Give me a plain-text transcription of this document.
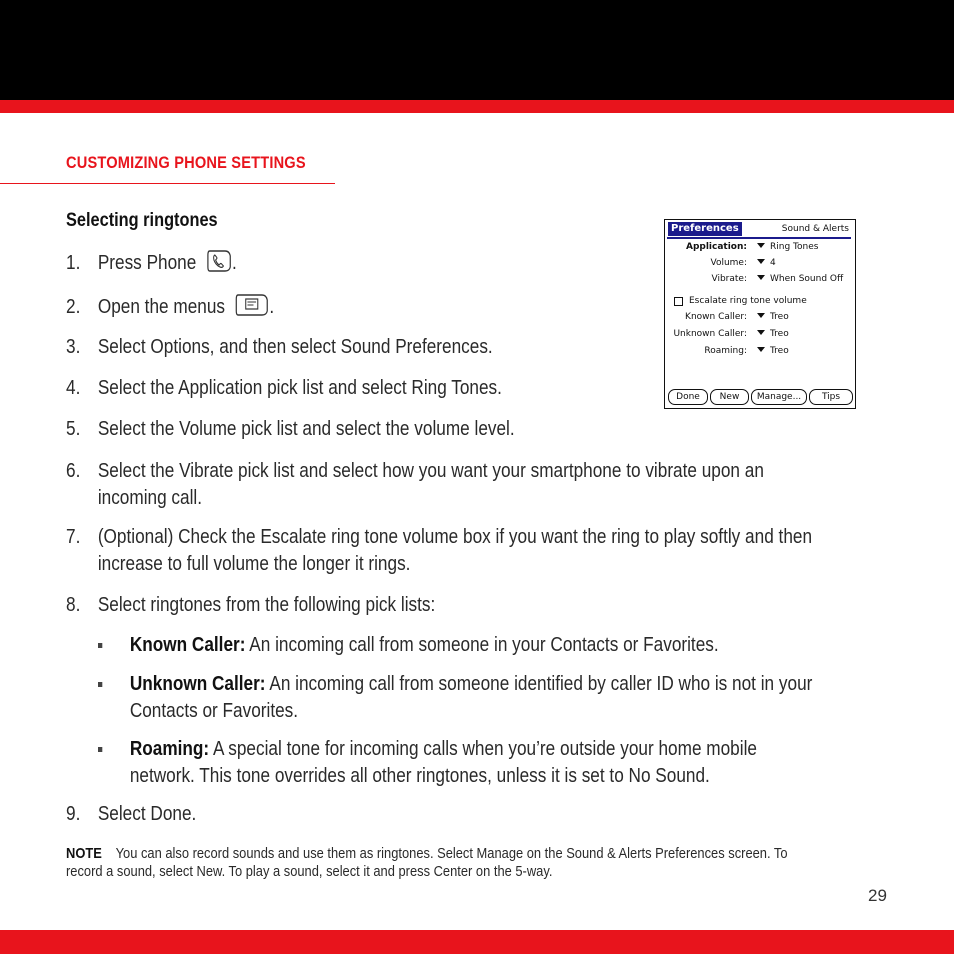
CUSTOMIZING PHONE SETTINGS
Selecting ringtones
1. Press Phone .
2. Open the menus .
3. Select Options, and then select Sound Preferences.
4. Select the Application pick list and select Ring Tones.
5. Select the Volume pick list and select the volume level.
6. Select the Vibrate pick list and select how you want your smartphone to vibrate upon an
incoming call.
7. (Optional) Check the Escalate ring tone volume box if you want the ring to play softly and then
increase to full volume the longer it rings.
8. Select ringtones from the following pick lists:
Known Caller: An incoming call from someone in your Contacts or Favorites.
Unknown Caller: An incoming call from someone identified by caller ID who is not in your
Contacts or Favorites.
Roaming: A special tone for incoming calls when you’re outside your home mobile
network. This tone overrides all other ringtones, unless it is set to No Sound.
9. Select Done.
NOTE You can also record sounds and use them as ringtones. Select Manage on the Sound & Alerts Preferences screen. To
record a sound, select New. To play a sound, select it and press Center on the 5-way.
29
Preferences	Sound & Alerts
Application:	Ring Tones
Volume:	4
Vibrate:	When Sound Off
Escalate ring tone volume
Known Caller:	Treo
Unknown Caller:	Treo
Roaming:	Treo
Done	New	Manage...	Tips
